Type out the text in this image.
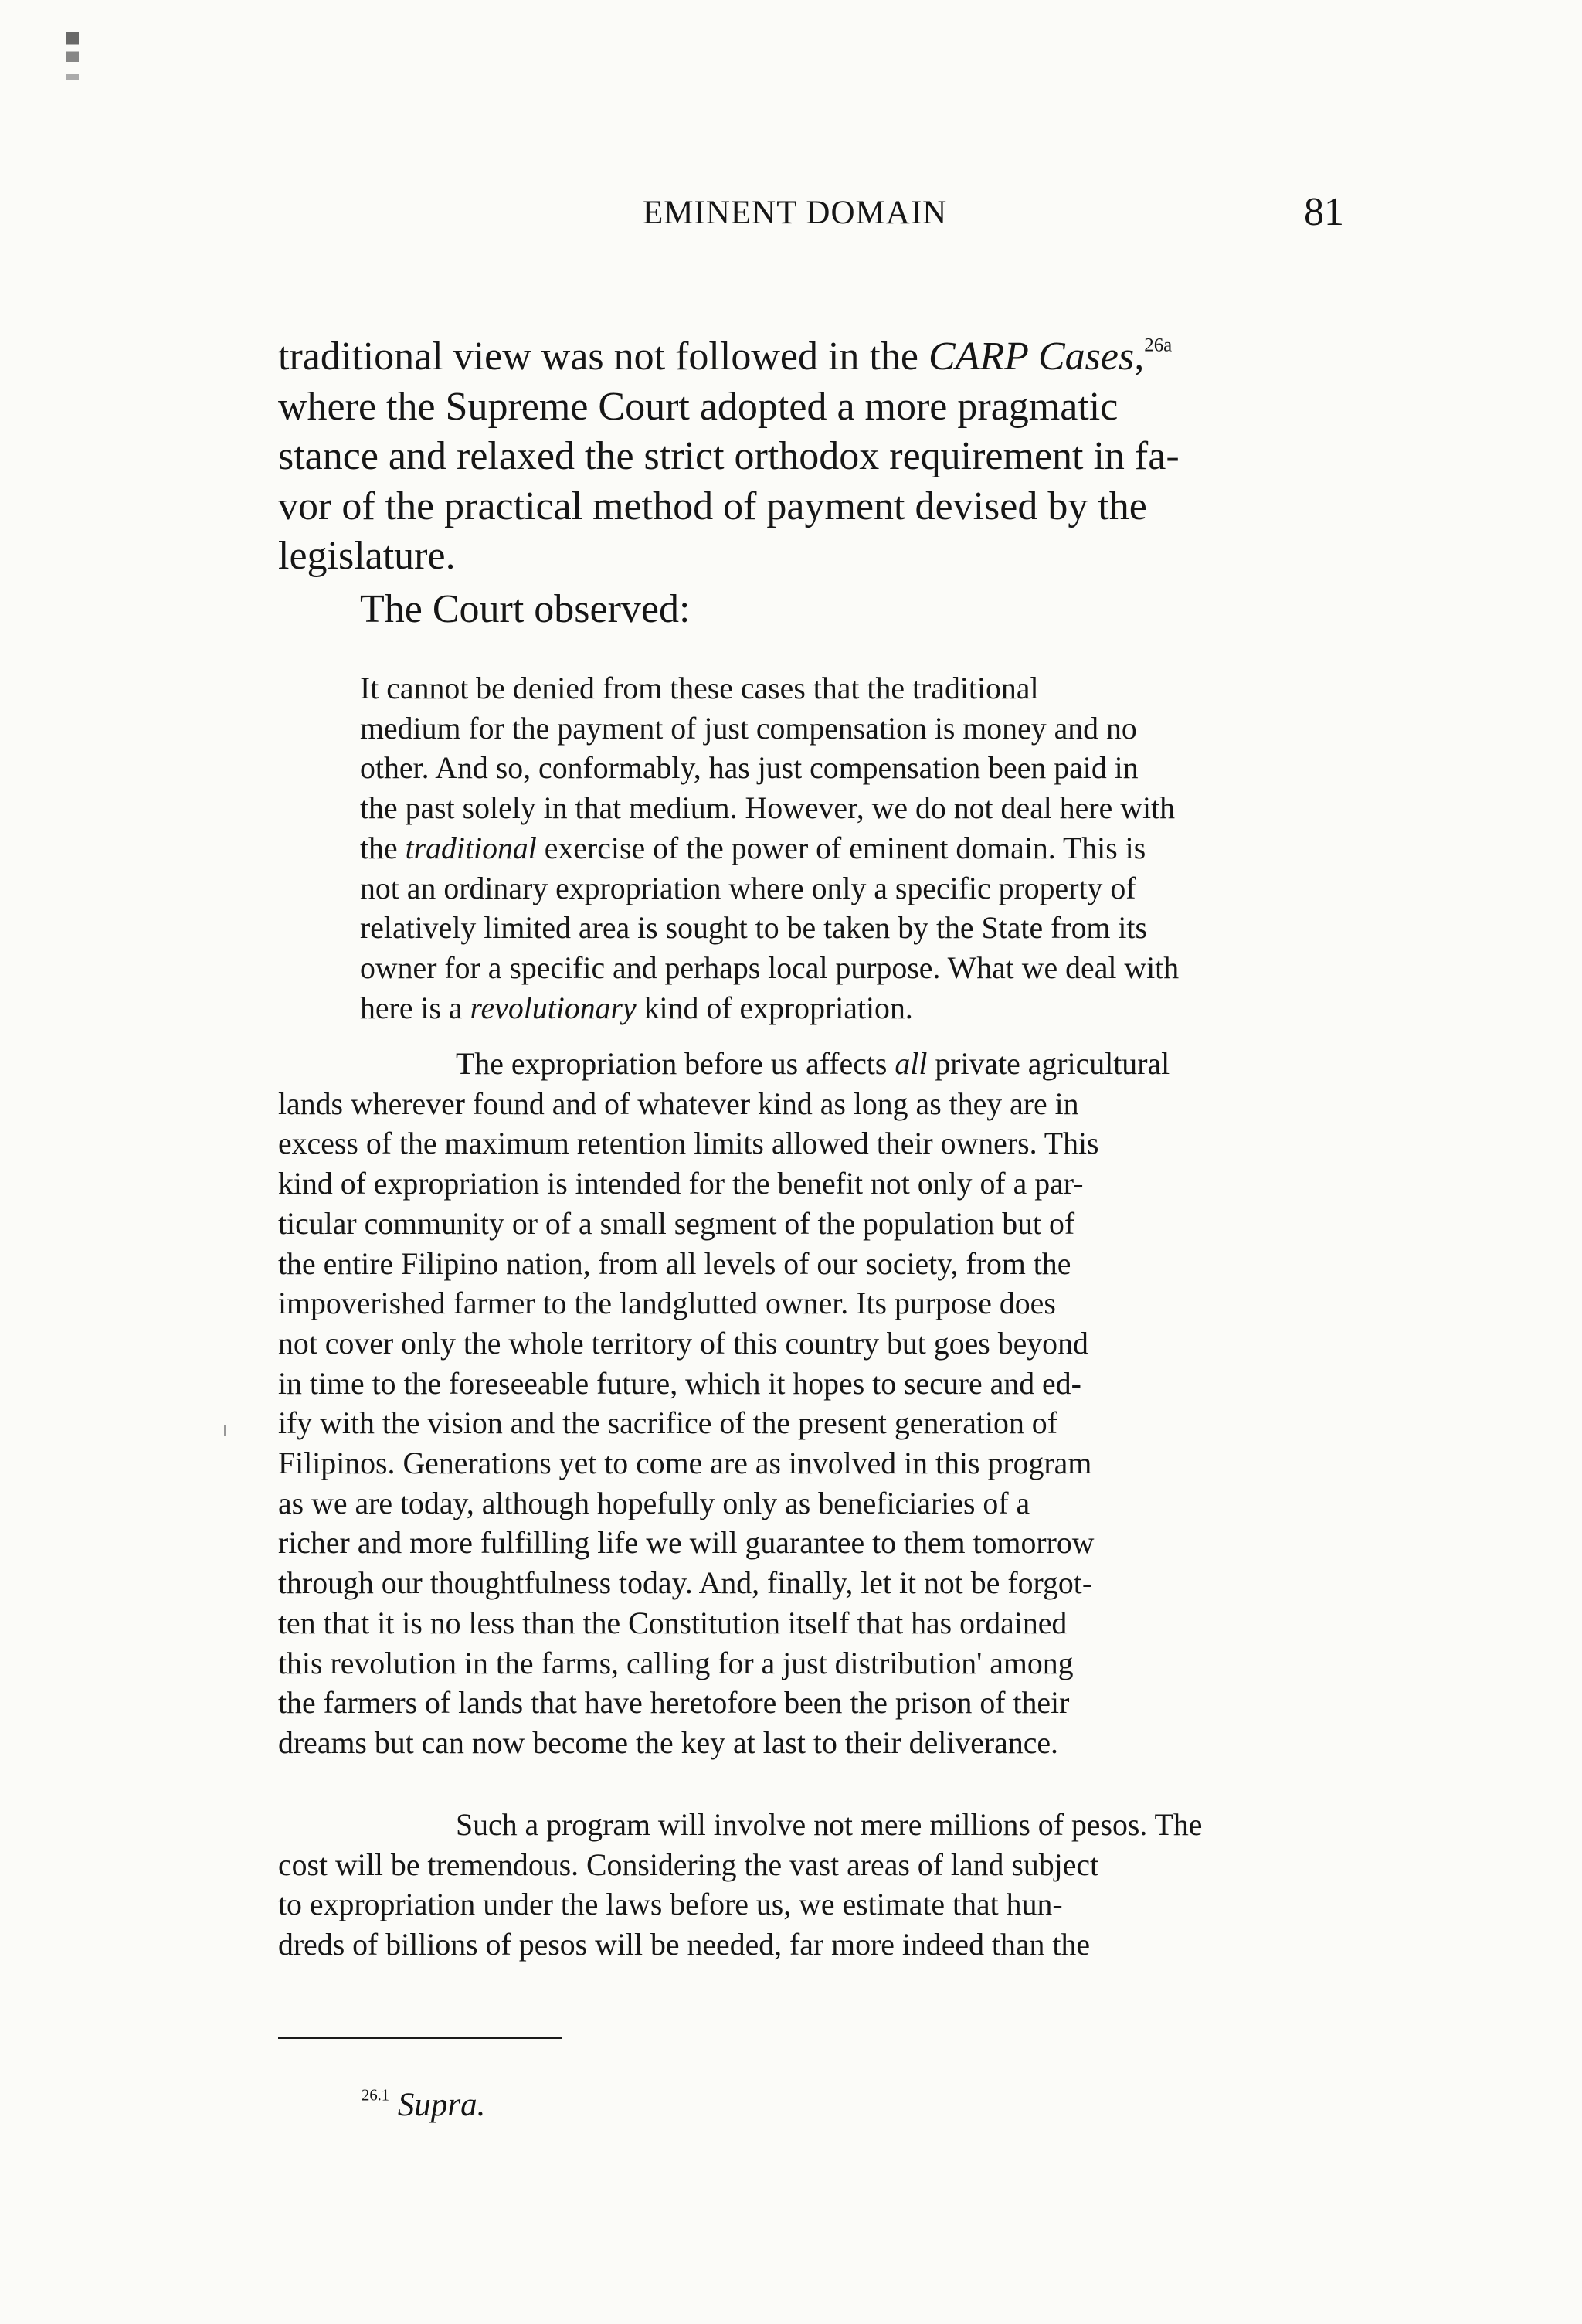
EMINENT DOMAIN	81

traditional view was not followed in the CARP Cases,$^{26a}$
where the Supreme Court adopted a more pragmatic
stance and relaxed the strict orthodox requirement in fa-
vor of the practical method of payment devised by the
legislature.

The Court observed:

It cannot be denied from these cases that the traditional
medium for the payment of just compensation is money and no
other. And so, conformably, has just compensation been paid in
the past solely in that medium. However, we do not deal here with
the traditional exercise of the power of eminent domain. This is
not an ordinary expropriation where only a specific property of
relatively limited area is sought to be taken by the State from its
owner for a specific and perhaps local purpose. What we deal with
here is a revolutionary kind of expropriation.

The expropriation before us affects all private agricultural
lands wherever found and of whatever kind as long as they are in
excess of the maximum retention limits allowed their owners. This
kind of expropriation is intended for the benefit not only of a par-
ticular community or of a small segment of the population but of
the entire Filipino nation, from all levels of our society, from the
impoverished farmer to the landglutted owner. Its purpose does
not cover only the whole territory of this country but goes beyond
in time to the foreseeable future, which it hopes to secure and ed-
ify with the vision and the sacrifice of the present generation of
Filipinos. Generations yet to come are as involved in this program
as we are today, although hopefully only as beneficiaries of a
richer and more fulfilling life we will guarantee to them tomorrow
through our thoughtfulness today. And, finally, let it not be forgot-
ten that it is no less than the Constitution itself that has ordained
this revolution in the farms, calling for a just distribution' among
the farmers of lands that have heretofore been the prison of their
dreams but can now become the key at last to their deliverance.

Such a program will involve not mere millions of pesos. The
cost will be tremendous. Considering the vast areas of land subject
to expropriation under the laws before us, we estimate that hun-
dreds of billions of pesos will be needed, far more indeed than the

$^{26.1}$ Supra.
